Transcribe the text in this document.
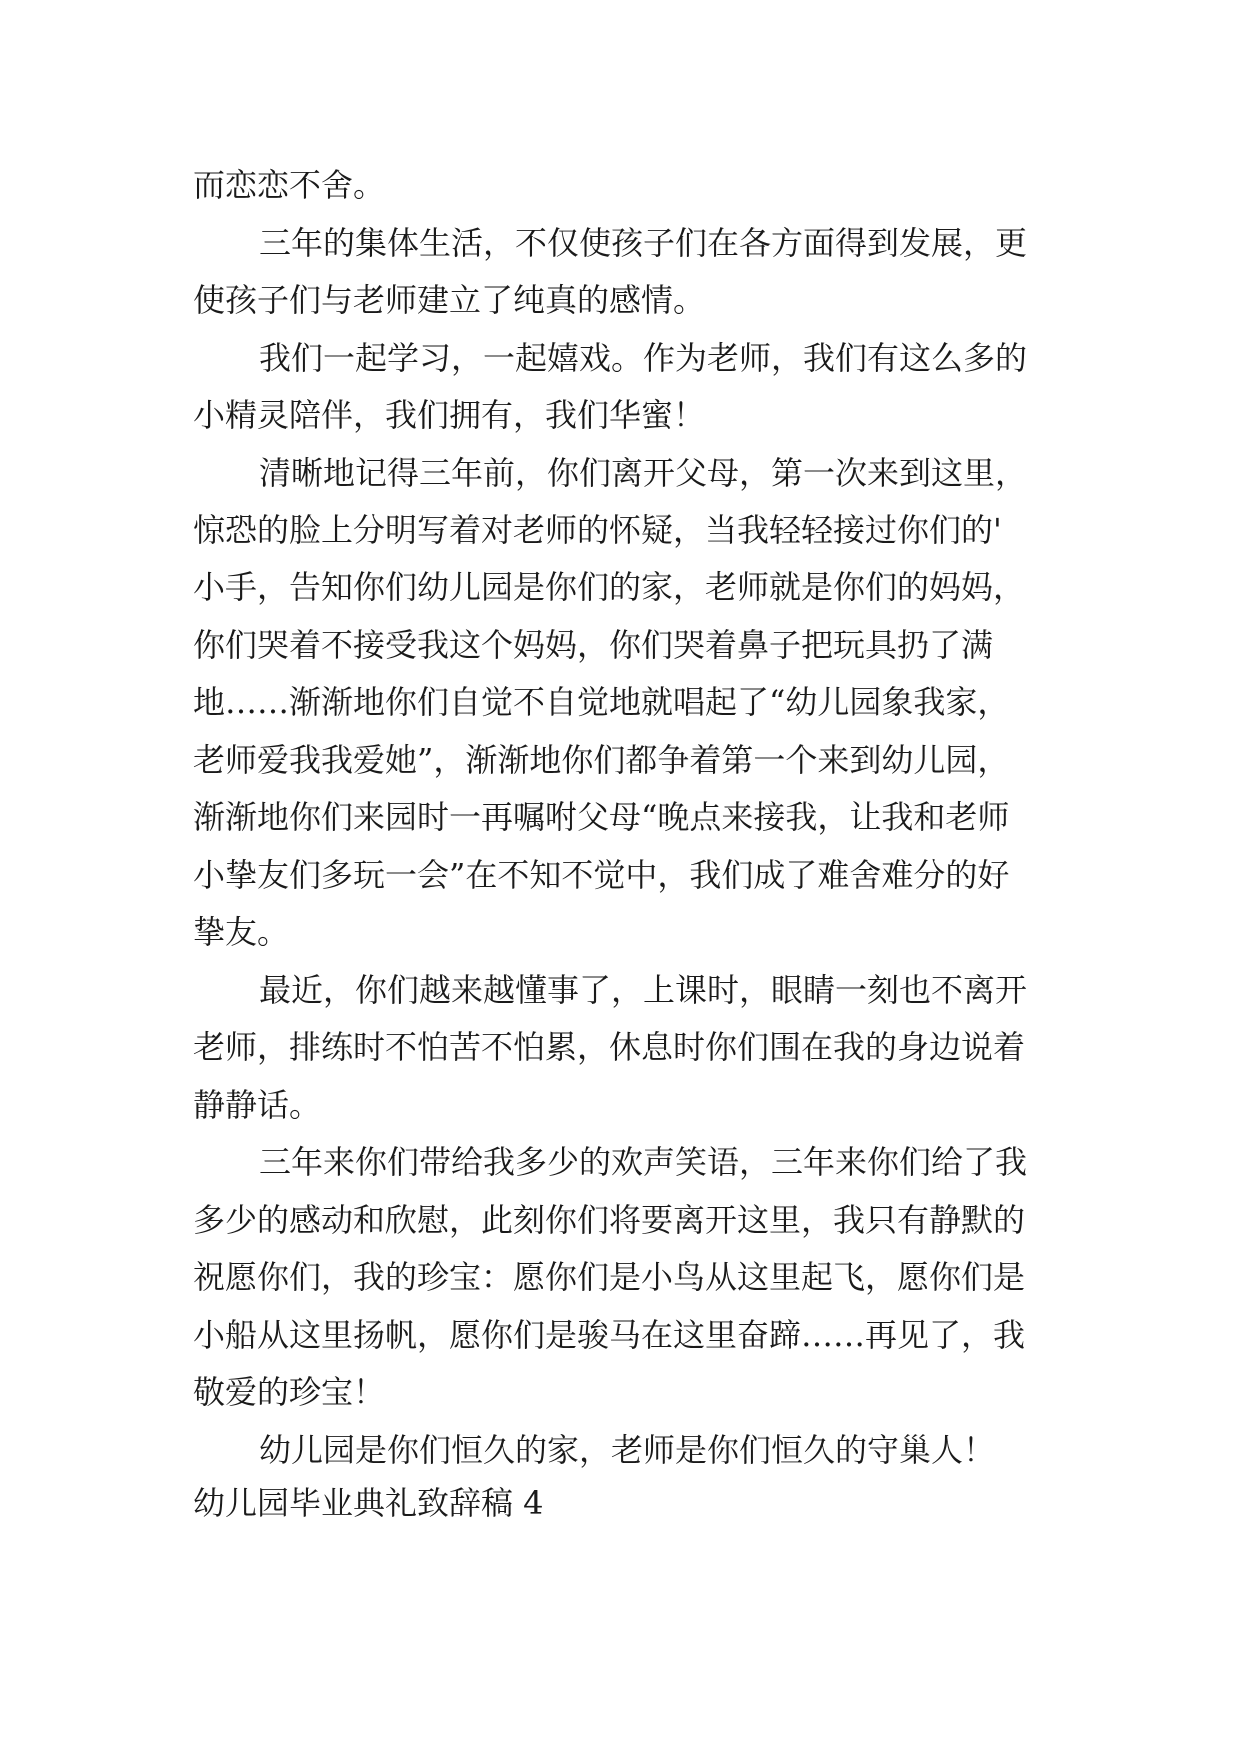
而恋恋不舍。

三年的集体生活，不仅使孩子们在各方面得到发展，更

使孩子们与老师建立了纯真的感情。

我们一起学习，一起嬉戏。作为老师，我们有这么多的

小精灵陪伴，我们拥有，我们华蜜！

清晰地记得三年前，你们离开父母，第一次来到这里，

惊恐的脸上分明写着对老师的怀疑，当我轻轻接过你们的'

小手，告知你们幼儿园是你们的家，老师就是你们的妈妈，

你们哭着不接受我这个妈妈，你们哭着鼻子把玩具扔了满

地……渐渐地你们自觉不自觉地就唱起了“幼儿园象我家，

老师爱我我爱她”，渐渐地你们都争着第一个来到幼儿园，

渐渐地你们来园时一再嘱咐父母“晚点来接我，让我和老师

小挚友们多玩一会”在不知不觉中，我们成了难舍难分的好

挚友。

最近，你们越来越懂事了，上课时，眼睛一刻也不离开

老师，排练时不怕苦不怕累，休息时你们围在我的身边说着

静静话。

三年来你们带给我多少的欢声笑语，三年来你们给了我

多少的感动和欣慰，此刻你们将要离开这里，我只有静默的

祝愿你们，我的珍宝：愿你们是小鸟从这里起飞，愿你们是

小船从这里扬帆，愿你们是骏马在这里奋蹄……再见了，我

敬爱的珍宝！

幼儿园是你们恒久的家，老师是你们恒久的守巢人！

幼儿园毕业典礼致辞稿 4
